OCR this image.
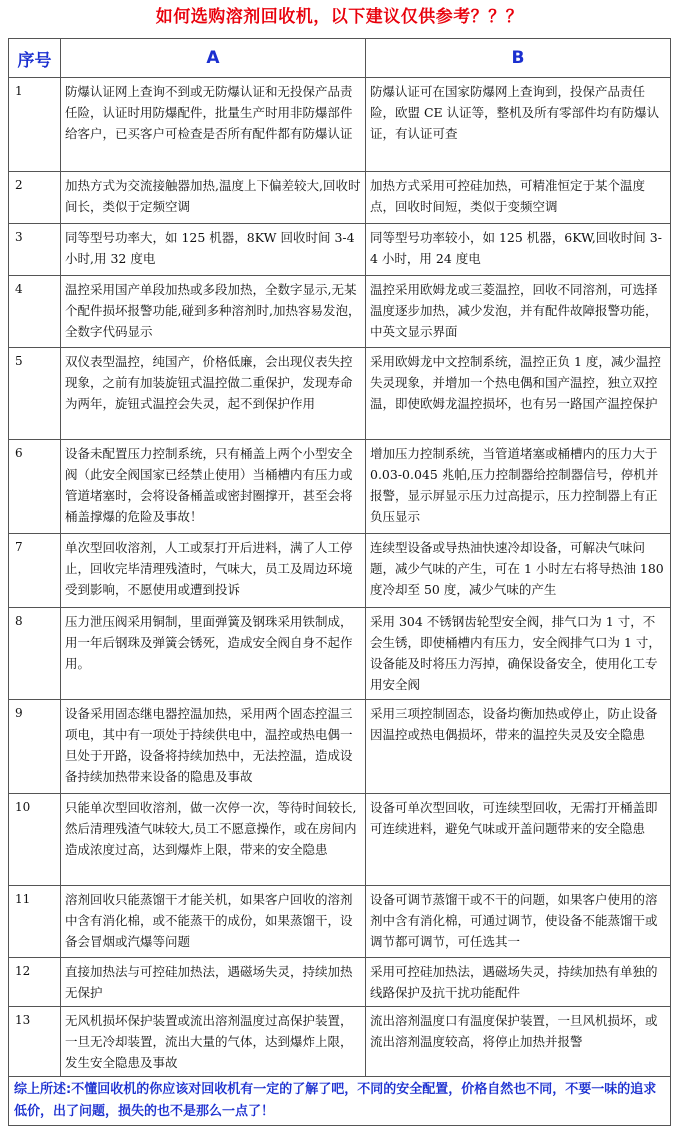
如何选购溶剂回收机，以下建议仅供参考？？？
序号	A	B
1	防爆认证网上查询不到或无防爆认证和无投保产品责任险，认证时用防爆配件，批量生产时用非防爆部件给客户，已买客户可检查是否所有配件都有防爆认证	防爆认证可在国家防爆网上查询到，投保产品责任险，欧盟 CE 认证等，整机及所有零部件均有防爆认证，有认证可查
2	加热方式为交流接触器加热,温度上下偏差较大,回收时间长，类似于定频空调	加热方式采用可控硅加热，可精准恒定于某个温度点，回收时间短，类似于变频空调
3	同等型号功率大，如 125 机器，8KW 回收时间 3-4 小时,用 32 度电	同等型号功率较小，如 125 机器，6KW,回收时间 3-4 小时，用 24 度电
4	温控采用国产单段加热或多段加热，全数字显示,无某个配件损坏报警功能,碰到多种溶剂时,加热容易发泡，全数字代码显示	温控采用欧姆龙或三菱温控，回收不同溶剂，可选择温度逐步加热，减少发泡，并有配件故障报警功能，中英文显示界面
5	双仪表型温控，纯国产，价格低廉，会出现仪表失控现象，之前有加装旋钮式温控做二重保护，发现寿命为两年，旋钮式温控会失灵，起不到保护作用	采用欧姆龙中文控制系统，温控正负 1 度，减少温控失灵现象，并增加一个热电偶和国产温控，独立双控温，即使欧姆龙温控损坏，也有另一路国产温控保护
6	设备未配置压力控制系统，只有桶盖上两个小型安全阀（此安全阀国家已经禁止使用）当桶槽内有压力或管道堵塞时，会将设备桶盖或密封圈撑开，甚至会将桶盖撑爆的危险及事故！	增加压力控制系统，当管道堵塞或桶槽内的压力大于 0.03-0.045 兆帕,压力控制器给控制器信号，停机并报警，显示屏显示压力过高提示，压力控制器上有正负压显示
7	单次型回收溶剂，人工或泵打开后进料，满了人工停止，回收完毕清理残渣时，气味大，员工及周边环境受到影响，不愿使用或遭到投诉	连续型设备或导热油快速冷却设备，可解决气味问题，减少气味的产生，可在 1 小时左右将导热油 180 度冷却至 50 度，减少气味的产生
8	压力泄压阀采用铜制，里面弹簧及钢珠采用铁制成，用一年后钢珠及弹簧会锈死，造成安全阀自身不起作用。	采用 304 不锈钢齿轮型安全阀，排气口为 1 寸，不会生锈，即使桶槽内有压力，安全阀排气口为 1 寸，设备能及时将压力泻掉，确保设备安全，使用化工专用安全阀
9	设备采用固态继电器控温加热，采用两个固态控温三项电，其中有一项处于持续供电中，温控或热电偶一旦处于开路，设备将持续加热中，无法控温，造成设备持续加热带来设备的隐患及事故	采用三项控制固态，设备均衡加热或停止，防止设备因温控或热电偶损坏，带来的温控失灵及安全隐患
10	只能单次型回收溶剂，做一次停一次，等待时间较长,然后清理残渣气味较大,员工不愿意操作，或在房间内造成浓度过高，达到爆炸上限，带来的安全隐患	设备可单次型回收，可连续型回收，无需打开桶盖即可连续进料，避免气味或开盖问题带来的安全隐患
11	溶剂回收只能蒸馏干才能关机，如果客户回收的溶剂中含有消化棉，或不能蒸干的成份，如果蒸馏干，设备会冒烟或汽爆等问题	设备可调节蒸馏干或不干的问题，如果客户使用的溶剂中含有消化棉，可通过调节，使设备不能蒸馏干或调节都可调节，可任选其一
12	直接加热法与可控硅加热法，遇磁场失灵，持续加热无保护	采用可控硅加热法，遇磁场失灵，持续加热有单独的线路保护及抗干扰功能配件
13	无风机损坏保护装置或流出溶剂温度过高保护装置，一旦无冷却装置，流出大量的气体，达到爆炸上限，发生安全隐患及事故	流出溶剂温度口有温度保护装置，一旦风机损坏，或流出溶剂温度较高，将停止加热并报警
综上所述:不懂回收机的你应该对回收机有一定的了解了吧，不同的安全配置，价格自然也不同，不要一味的追求低价，出了问题，损失的也不是那么一点了！		
